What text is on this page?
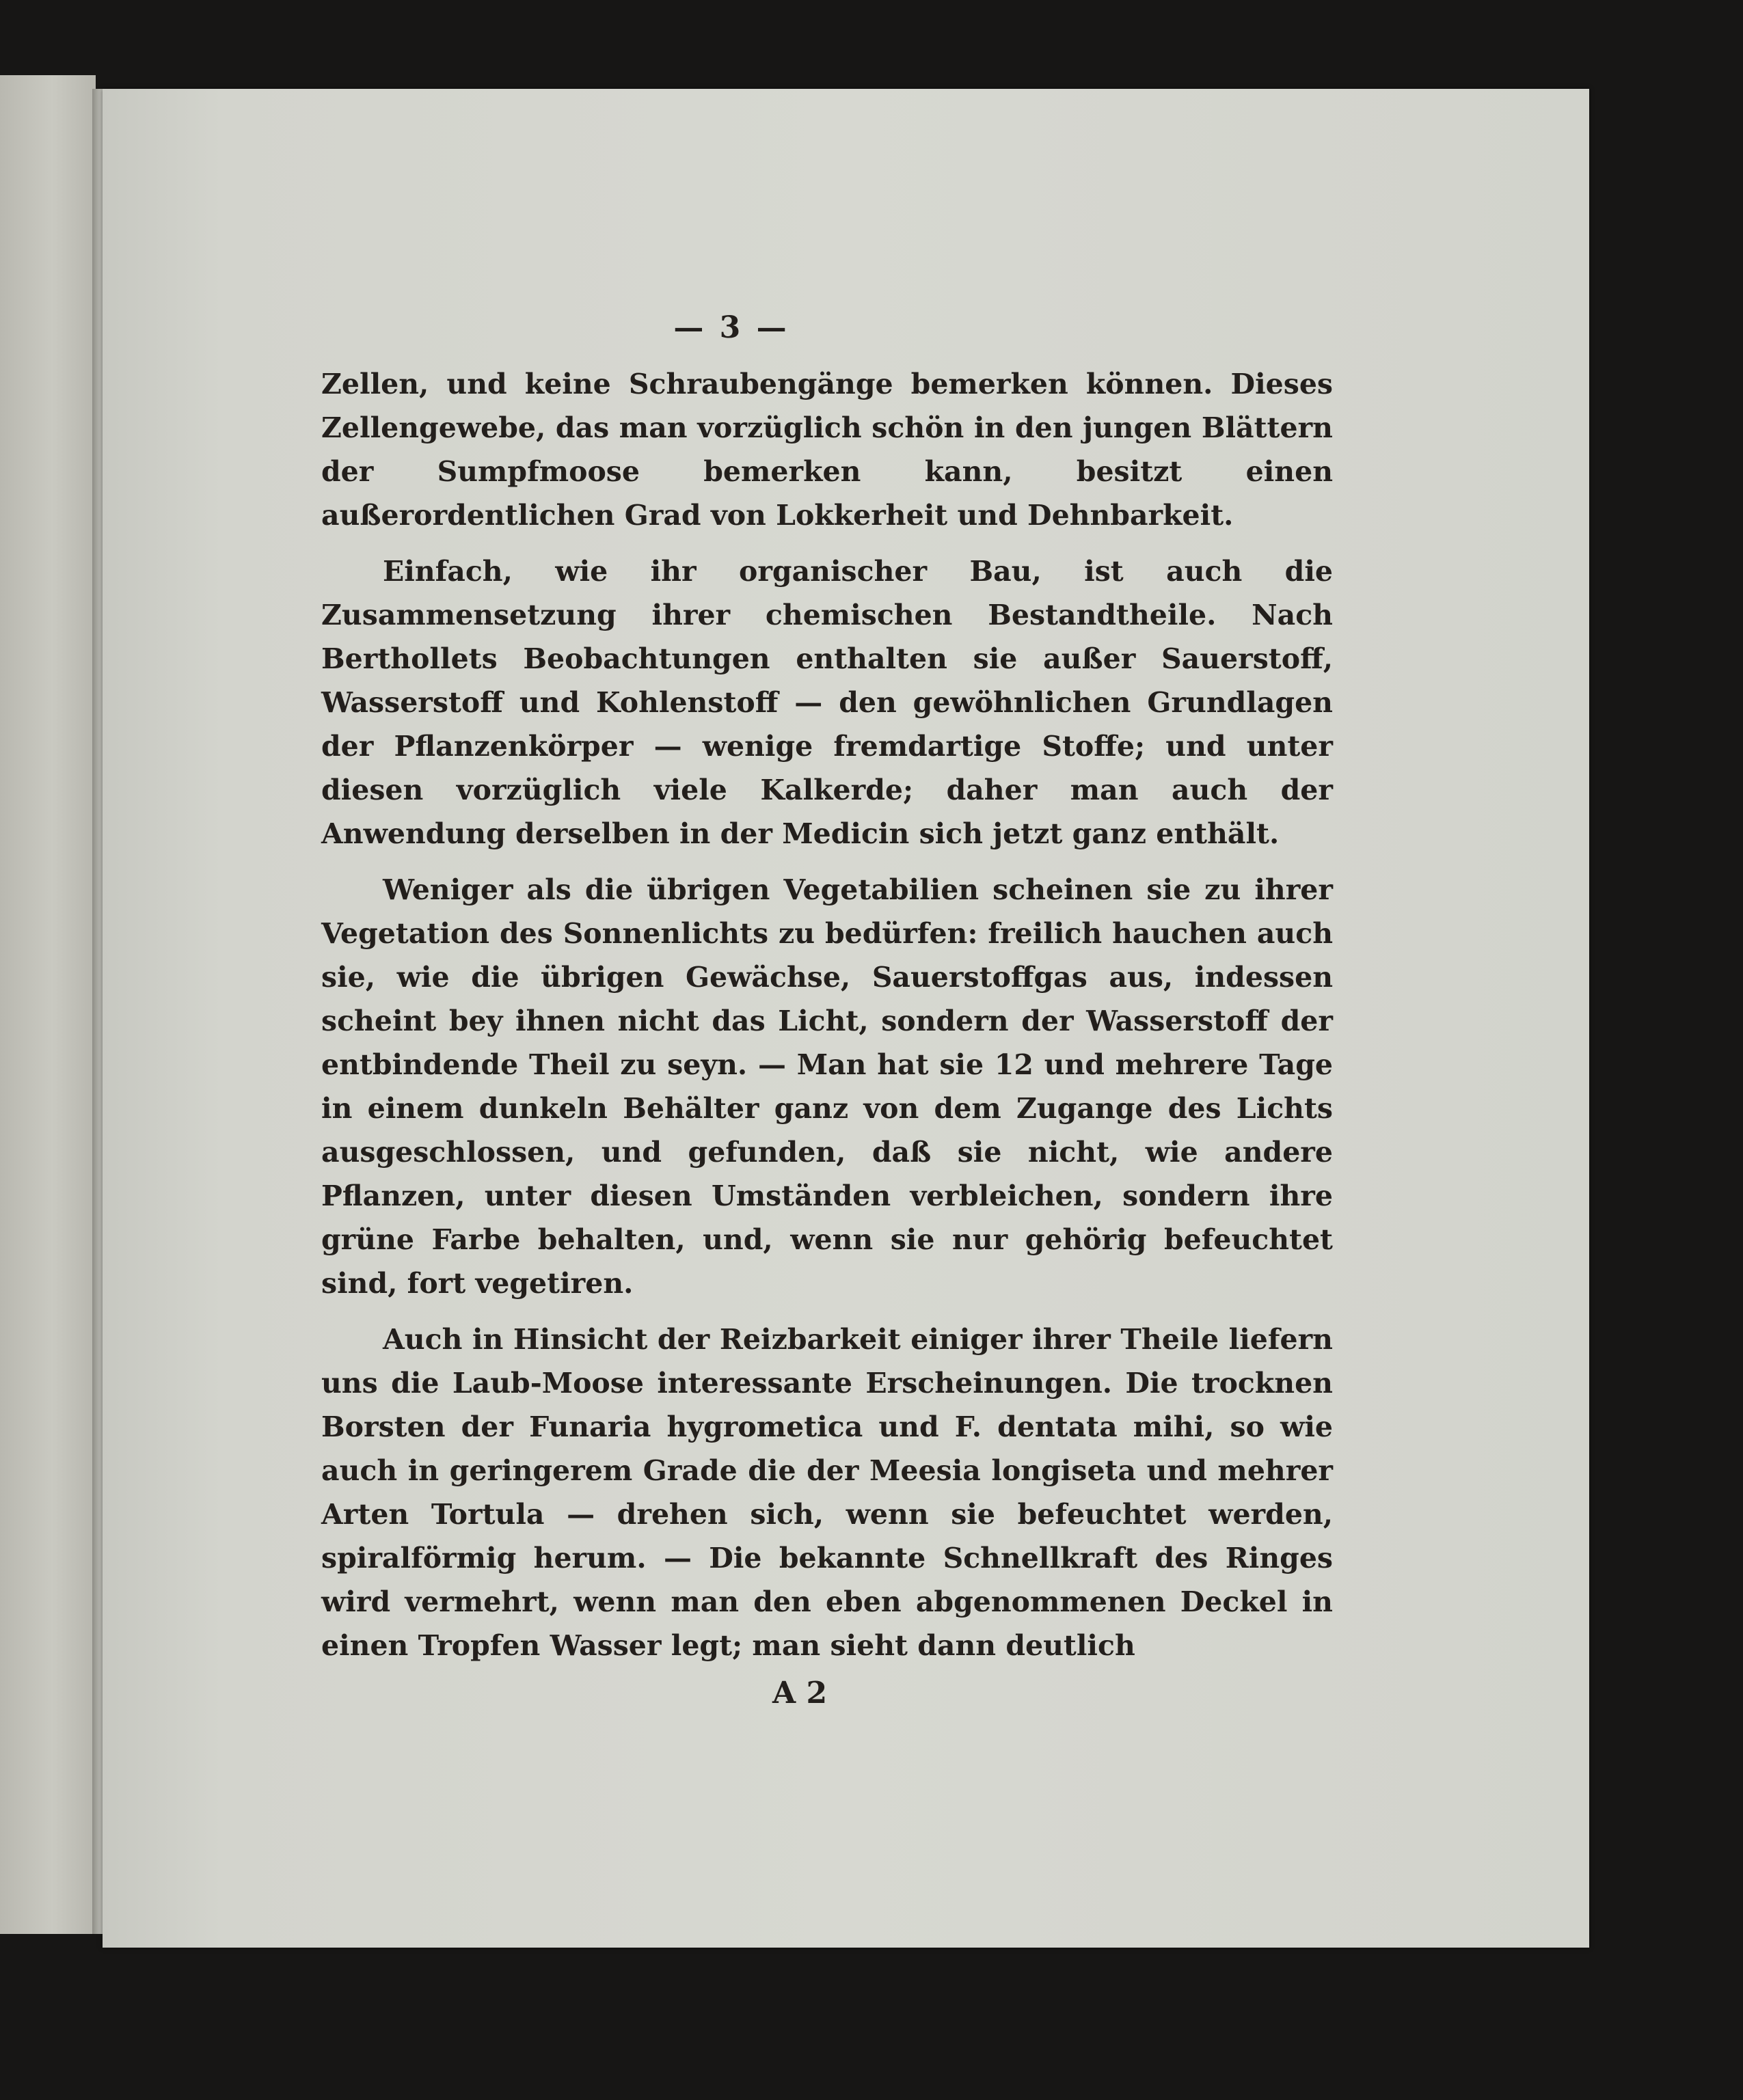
— 3 —

Zellen, und keine Schraubengänge bemerken können. Dieses Zellengewebe, das man vorzüglich schön in den jungen Blättern der Sumpfmoose bemerken kann, besitzt einen außerordentlichen Grad von Lokkerheit und Dehnbarkeit.

Einfach, wie ihr organischer Bau, ist auch die Zusammensetzung ihrer chemischen Bestandtheile. Nach Berthollets Beobachtungen enthalten sie außer Sauerstoff, Wasserstoff und Kohlenstoff — den gewöhnlichen Grundlagen der Pflanzenkörper — wenige fremdartige Stoffe; und unter diesen vorzüglich viele Kalkerde; daher man auch der Anwendung derselben in der Medicin sich jetzt ganz enthält.

Weniger als die übrigen Vegetabilien scheinen sie zu ihrer Vegetation des Sonnenlichts zu bedürfen: freilich hauchen auch sie, wie die übrigen Gewächse, Sauerstoffgas aus, indessen scheint bey ihnen nicht das Licht, sondern der Wasserstoff der entbindende Theil zu seyn. — Man hat sie 12 und mehrere Tage in einem dunkeln Behälter ganz von dem Zugange des Lichts ausgeschlossen, und gefunden, daß sie nicht, wie andere Pflanzen, unter diesen Umständen verbleichen, sondern ihre grüne Farbe behalten, und, wenn sie nur gehörig befeuchtet sind, fort vegetiren.

Auch in Hinsicht der Reizbarkeit einiger ihrer Theile liefern uns die Laub-Moose interessante Erscheinungen. Die trocknen Borsten der Funaria hygrometica und F. dentata mihi, so wie auch in geringerem Grade die der Meesia longiseta und mehrer Arten Tortula — drehen sich, wenn sie befeuchtet werden, spiralförmig herum. — Die bekannte Schnellkraft des Ringes wird vermehrt, wenn man den eben abgenommenen Deckel in einen Tropfen Wasser legt; man sieht dann deutlich

A 2
